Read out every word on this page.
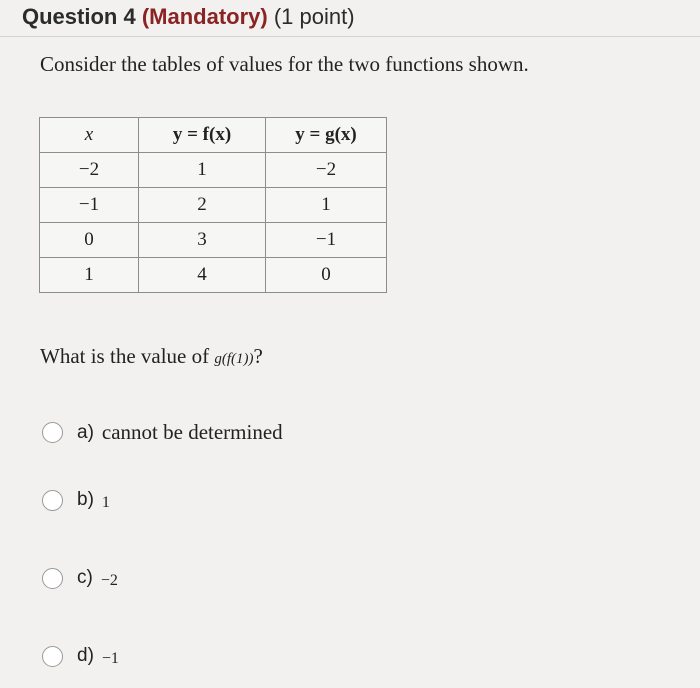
Question 4 (Mandatory) (1 point)
Consider the tables of values for the two functions shown.
x	y = f(x)	y = g(x)
−2	1	−2
−1	2	1
0	3	−1
1	4	0
What is the value of g(f(1))?
a) cannot be determined
b) 1
c) −2
d) −1
